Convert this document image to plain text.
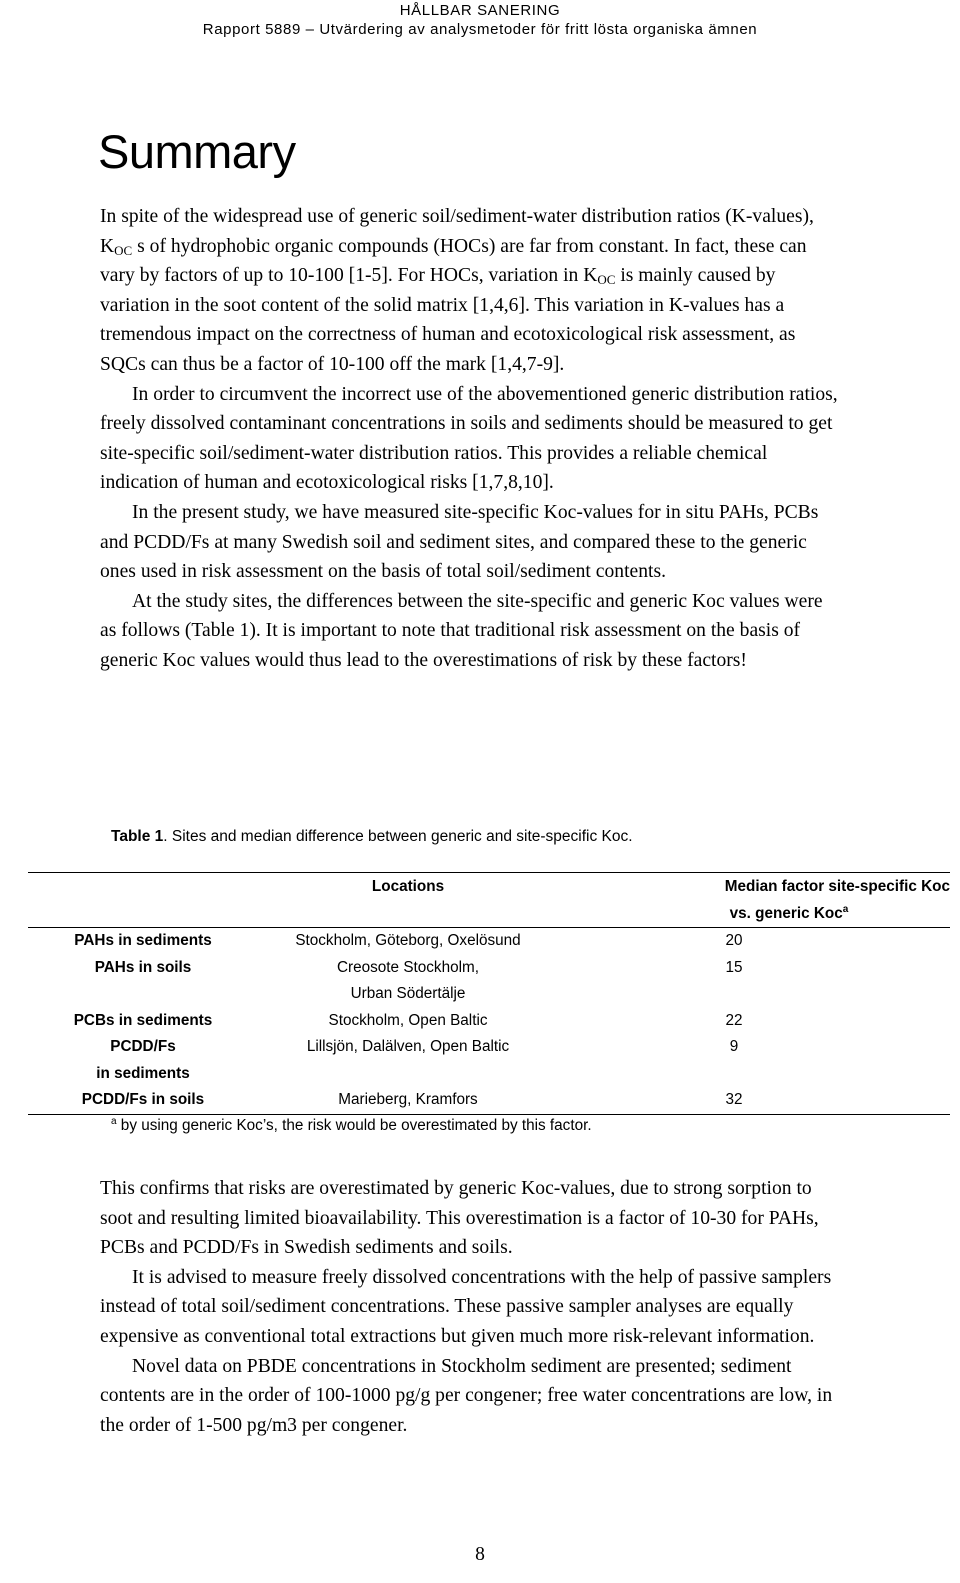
HÅLLBAR SANERING
Rapport 5889 – Utvärdering av analysmetoder för fritt lösta organiska ämnen
Summary

In spite of the widespread use of generic soil/sediment-water distribution ratios (K-values), $K_{OC}$ s of hydrophobic organic compounds (HOCs) are far from constant. In fact, these can vary by factors of up to 10-100 [1-5]. For HOCs, variation in $K_{OC}$ is mainly caused by variation in the soot content of the solid matrix [1,4,6]. This variation in K-values has a tremendous impact on the correctness of human and ecotoxicological risk assessment, as SQCs can thus be a factor of 10-100 off the mark [1,4,7-9].

In order to circumvent the incorrect use of the abovementioned generic distribution ratios, freely dissolved contaminant concentrations in soils and sediments should be measured to get site-specific soil/sediment-water distribution ratios. This provides a reliable chemical indication of human and ecotoxicological risks [1,7,8,10].

In the present study, we have measured site-specific Koc-values for in situ PAHs, PCBs and PCDD/Fs at many Swedish soil and sediment sites, and compared these to the generic ones used in risk assessment on the basis of total soil/sediment contents.

At the study sites, the differences between the site-specific and generic Koc values were as follows (Table 1). It is important to note that traditional risk assessment on the basis of generic Koc values would thus lead to the overestimations of risk by these factors!

Table 1. Sites and median difference between generic and site-specific Koc.
	Locations	Median factor site-specific Koc
vs. generic Koc$^a$

PAHs in sediments	Stockholm, Göteborg, Oxelösund	20

PAHs in soils	Creosote Stockholm,
Urban Södertälje	15

PCBs in sediments	Stockholm, Open Baltic	22

PCDD/Fs
in sediments	Lillsjön, Dalälven, Open Baltic	9

PCDD/Fs in soils	Marieberg, Kramfors	32
$^a$ by using generic Koc’s, the risk would be overestimated by this factor.

This confirms that risks are overestimated by generic Koc-values, due to strong sorption to soot and resulting limited bioavailability. This overestimation is a factor of 10-30 for PAHs, PCBs and PCDD/Fs in Swedish sediments and soils.

It is advised to measure freely dissolved concentrations with the help of passive samplers instead of total soil/sediment concentrations. These passive sampler analyses are equally expensive as conventional total extractions but given much more risk-relevant information.

Novel data on PBDE concentrations in Stockholm sediment are presented; sediment contents are in the order of 100-1000 pg/g per congener; free water concentrations are low, in the order of 1-500 pg/m3 per congener.

8
